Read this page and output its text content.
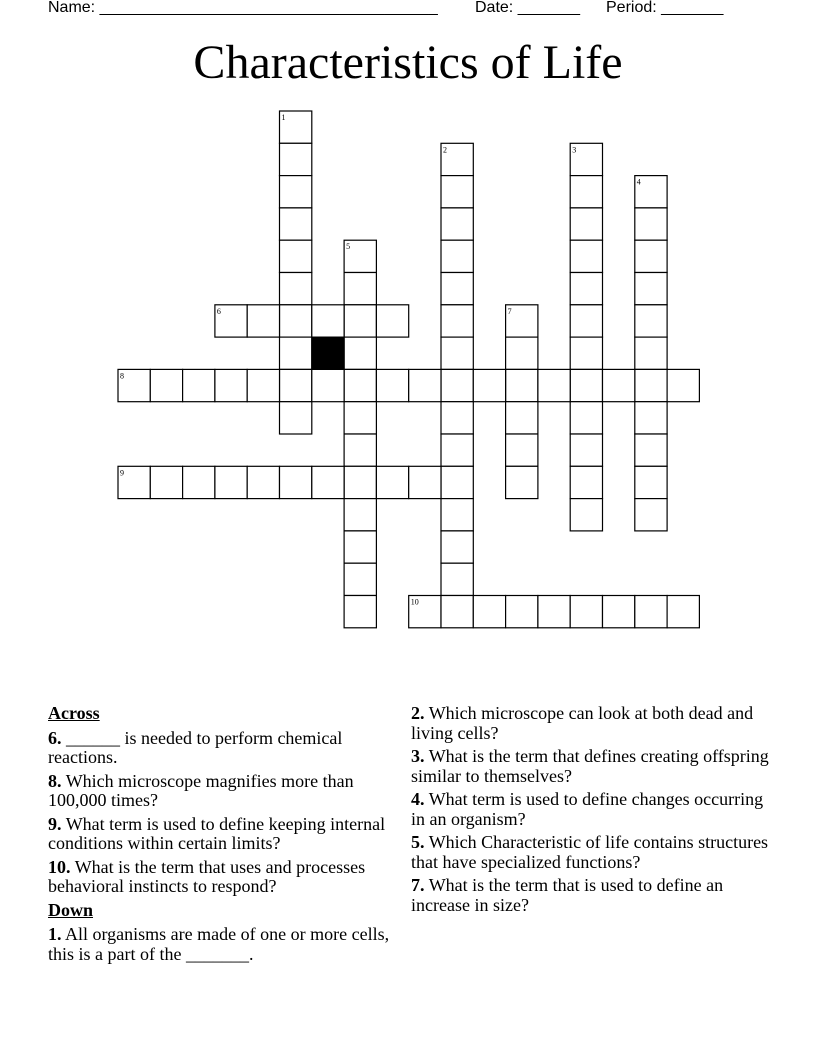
Name: ______________________________________

Date: _______

Period: _______

Characteristics of Life
1
2	3
4
5
6	7
8
9
10
Across
6. ______ is needed to perform chemical reactions.
8. Which microscope magnifies more than 100,000 times?
9. What term is used to define keeping internal conditions within certain limits?
10. What is the term that uses and processes behavioral instincts to respond?
Down
1. All organisms are made of one or more cells, this is a part of the _______.
2. Which microscope can look at both dead and living cells?
3. What is the term that defines creating offspring similar to themselves?
4. What term is used to define changes occurring in an organism?
5. Which Characteristic of life contains structures that have specialized functions?
7. What is the term that is used to define an increase in size?
